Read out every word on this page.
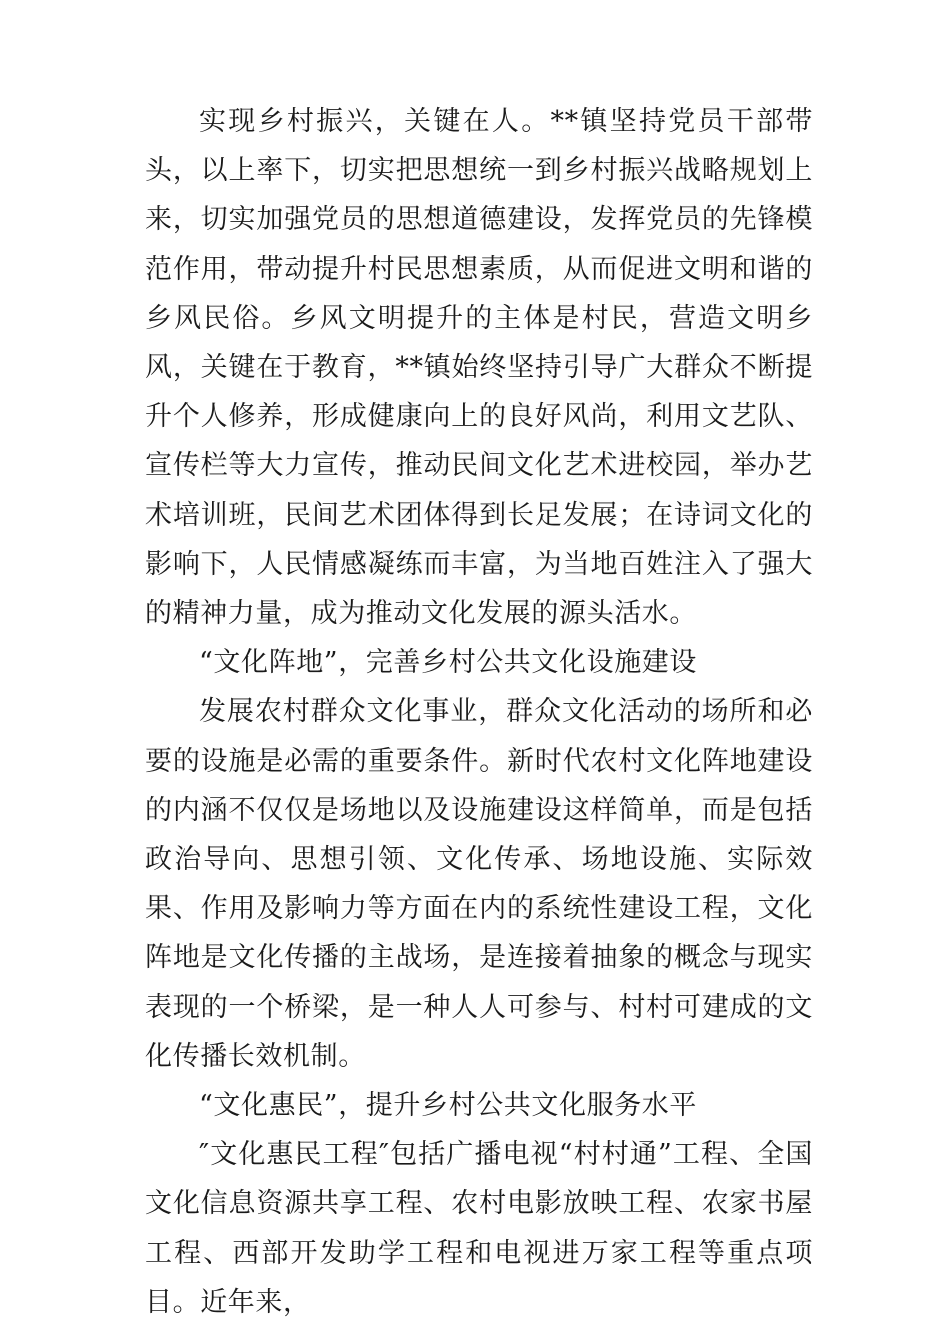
实现乡村振兴，关键在人。**镇坚持党员干部带头，以上率下，切实把思想统一到乡村振兴战略规划上来，切实加强党员的思想道德建设，发挥党员的先锋模范作用，带动提升村民思想素质，从而促进文明和谐的乡风民俗。乡风文明提升的主体是村民，营造文明乡风，关键在于教育，**镇始终坚持引导广大群众不断提升个人修养，形成健康向上的良好风尚，利用文艺队、宣传栏等大力宣传，推动民间文化艺术进校园，举办艺术培训班，民间艺术团体得到长足发展；在诗词文化的影响下，人民情感凝练而丰富，为当地百姓注入了强大的精神力量，成为推动文化发展的源头活水。

“文化阵地”，完善乡村公共文化设施建设

发展农村群众文化事业，群众文化活动的场所和必要的设施是必需的重要条件。新时代农村文化阵地建设的内涵不仅仅是场地以及设施建设这样简单，而是包括政治导向、思想引领、文化传承、场地设施、实际效果、作用及影响力等方面在内的系统性建设工程，文化阵地是文化传播的主战场，是连接着抽象的概念与现实表现的一个桥梁，是一种人人可参与、村村可建成的文化传播长效机制。

“文化惠民”，提升乡村公共文化服务水平

″文化惠民工程″包括广播电视“村村通”工程、全国文化信息资源共享工程、农村电影放映工程、农家书屋工程、西部开发助学工程和电视进万家工程等重点项目。近年来，
